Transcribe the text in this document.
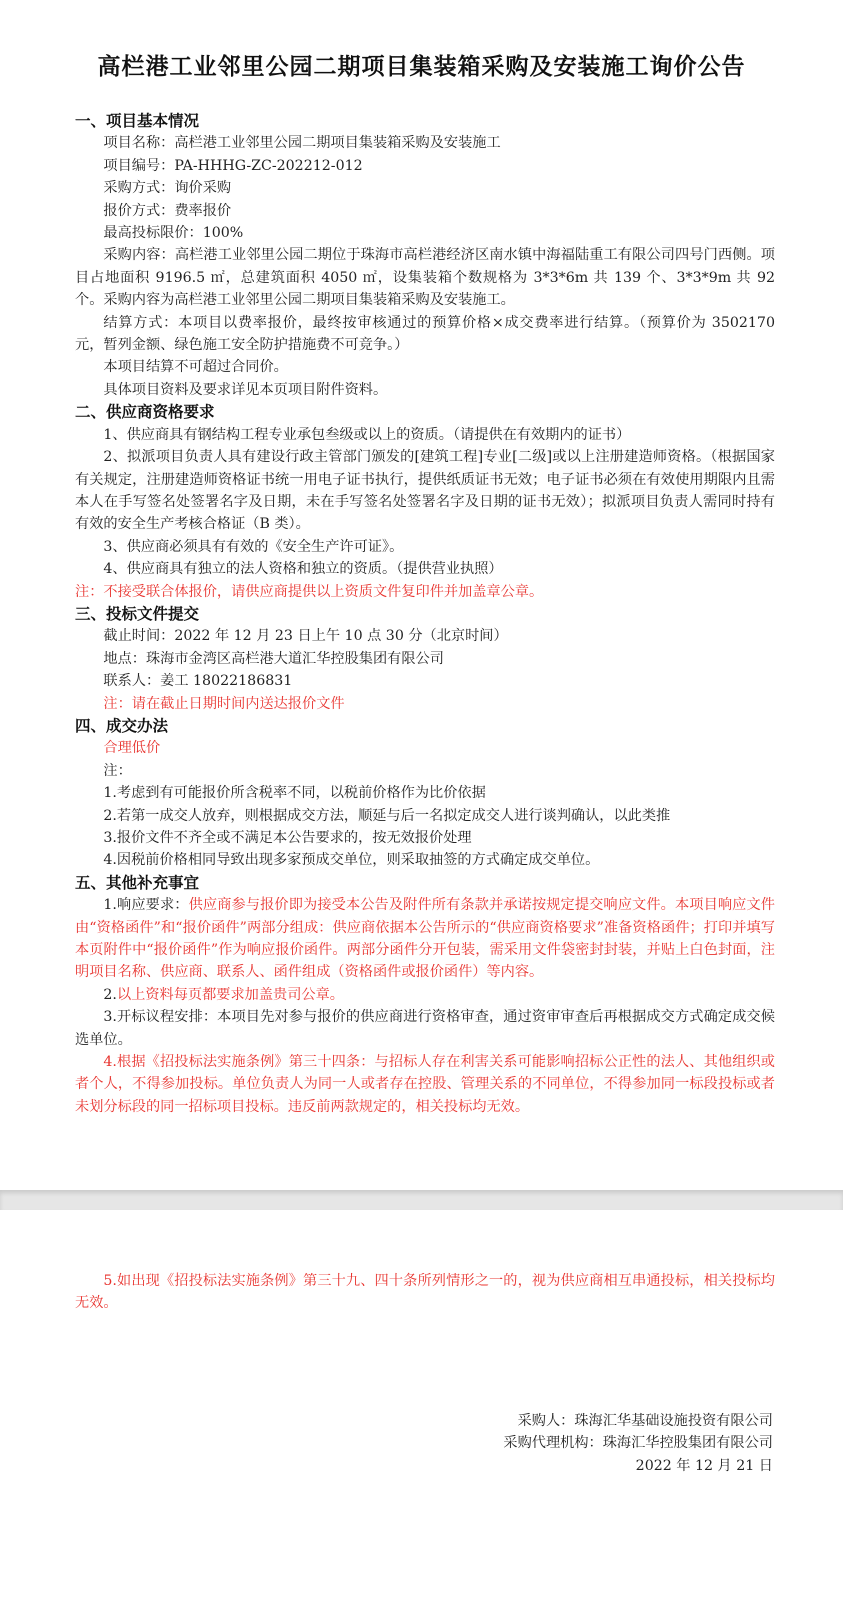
高栏港工业邻里公园二期项目集装箱采购及安装施工询价公告

一、项目基本情况

项目名称：高栏港工业邻里公园二期项目集装箱采购及安装施工

项目编号：PA-HHHG-ZC-202212-012

采购方式：询价采购

报价方式：费率报价

最高投标限价：100%

采购内容：高栏港工业邻里公园二期位于珠海市高栏港经济区南水镇中海福陆重工有限公司四号门西侧。项目占地面积 9196.5 ㎡，总建筑面积 4050 ㎡，设集装箱个数规格为 3*3*6m 共 139 个、3*3*9m 共 92 个。采购内容为高栏港工业邻里公园二期项目集装箱采购及安装施工。

结算方式：本项目以费率报价，最终按审核通过的预算价格×成交费率进行结算。（预算价为 3502170 元，暂列金额、绿色施工安全防护措施费不可竞争。）

本项目结算不可超过合同价。

具体项目资料及要求详见本页项目附件资料。

二、供应商资格要求

1、供应商具有钢结构工程专业承包叁级或以上的资质。（请提供在有效期内的证书）

2、拟派项目负责人具有建设行政主管部门颁发的[建筑工程]专业[二级]或以上注册建造师资格。（根据国家有关规定，注册建造师资格证书统一用电子证书执行，提供纸质证书无效；电子证书必须在有效使用期限内且需本人在手写签名处签署名字及日期，未在手写签名处签署名字及日期的证书无效）；拟派项目负责人需同时持有有效的安全生产考核合格证（B 类）。

3、供应商必须具有有效的《安全生产许可证》。

4、供应商具有独立的法人资格和独立的资质。（提供营业执照）

注：不接受联合体报价，请供应商提供以上资质文件复印件并加盖章公章。

三、投标文件提交

截止时间：2022 年 12 月 23 日上午 10 点 30 分（北京时间）

地点：珠海市金湾区高栏港大道汇华控股集团有限公司

联系人：姜工 18022186831

注：请在截止日期时间内送达报价文件

四、成交办法

合理低价

注：

1.考虑到有可能报价所含税率不同，以税前价格作为比价依据

2.若第一成交人放弃，则根据成交方法，顺延与后一名拟定成交人进行谈判确认，以此类推

3.报价文件不齐全或不满足本公告要求的，按无效报价处理

4.因税前价格相同导致出现多家预成交单位，则采取抽签的方式确定成交单位。

五、其他补充事宜

1.响应要求：供应商参与报价即为接受本公告及附件所有条款并承诺按规定提交响应文件。本项目响应文件由“资格函件”和“报价函件”两部分组成：供应商依据本公告所示的“供应商资格要求”准备资格函件；打印并填写本页附件中“报价函件”作为响应报价函件。两部分函件分开包装，需采用文件袋密封封装，并贴上白色封面，注明项目名称、供应商、联系人、函件组成（资格函件或报价函件）等内容。

2.以上资料每页都要求加盖贵司公章。

3.开标议程安排：本项目先对参与报价的供应商进行资格审查，通过资审审查后再根据成交方式确定成交候选单位。

4.根据《招投标法实施条例》第三十四条：与招标人存在利害关系可能影响招标公正性的法人、其他组织或者个人，不得参加投标。单位负责人为同一人或者存在控股、管理关系的不同单位，不得参加同一标段投标或者未划分标段的同一招标项目投标。违反前两款规定的，相关投标均无效。

5.如出现《招投标法实施条例》第三十九、四十条所列情形之一的，视为供应商相互串通投标，相关投标均无效。

采购人：珠海汇华基础设施投资有限公司
采购代理机构：珠海汇华控股集团有限公司
2022 年 12 月 21 日
